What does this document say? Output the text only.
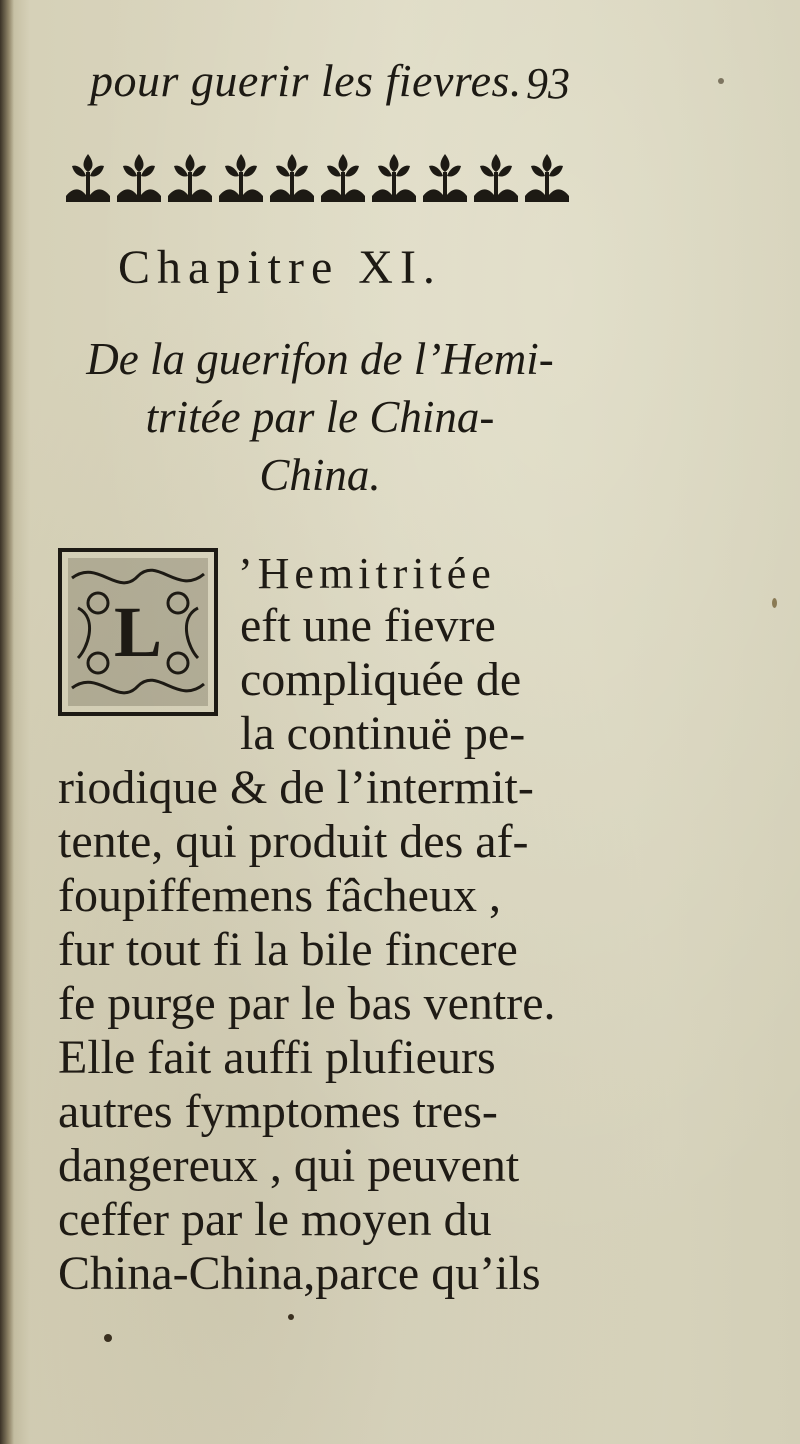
pour guerir les fievres. 93
Chapitre XI.
De la guerifon de l’Hemi-
tritée par le China-
China.
L
’Hemitritée
eft une fievre
compliquée de
la continuë pe-
riodique & de l’intermit-
tente, qui produit des af-
foupiffemens fâcheux ,
fur tout fi la bile fincere
fe purge par le bas ventre.
Elle fait auffi plufieurs
autres fymptomes tres-
dangereux , qui peuvent
ceffer par le moyen du
China-China,parce qu’ils
